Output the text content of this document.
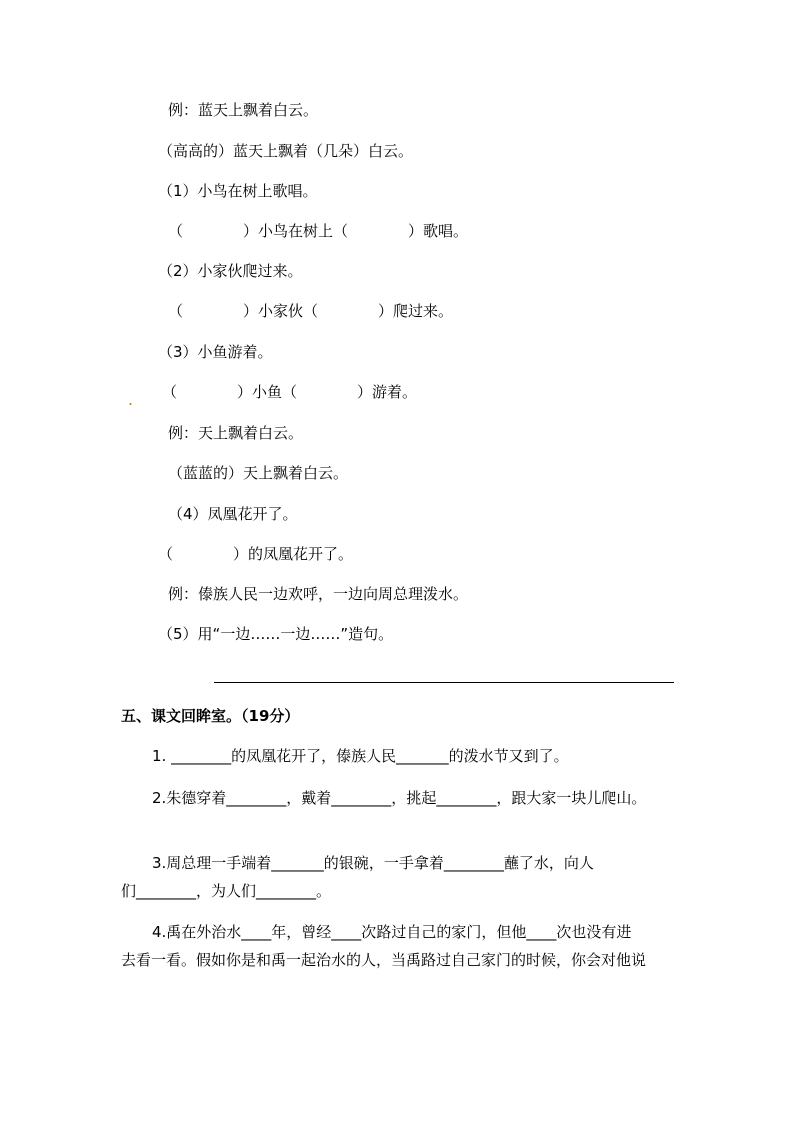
例：蓝天上飘着白云。
（高高的）蓝天上飘着（几朵）白云。
（1）小鸟在树上歌唱。
（　　　　）小鸟在树上（　　　　）歌唱。
（2）小家伙爬过来。
（　　　　）小家伙（　　　　）爬过来。
（3）小鱼游着。
. （　　　　）小鱼（　　　　）游着。
例：天上飘着白云。
（蓝蓝的）天上飘着白云。
（4）凤凰花开了。
（　　　　）的凤凰花开了。
例：傣族人民一边欢呼，一边向周总理泼水。
（5）用“一边……一边……”造句。
五、课文回眸室。（19分）
1. ________的凤凰花开了，傣族人民_______的泼水节又到了。
2.朱德穿着________，戴着________，挑起________，跟大家一块儿爬山。
3.周总理一手端着_______的银碗，一手拿着________蘸了水，向人
们________，为人们________。
4.禹在外治水____年，曾经____次路过自己的家门，但他____次也没有进
去看一看。假如你是和禹一起治水的人，当禹路过自己家门的时候，你会对他说
